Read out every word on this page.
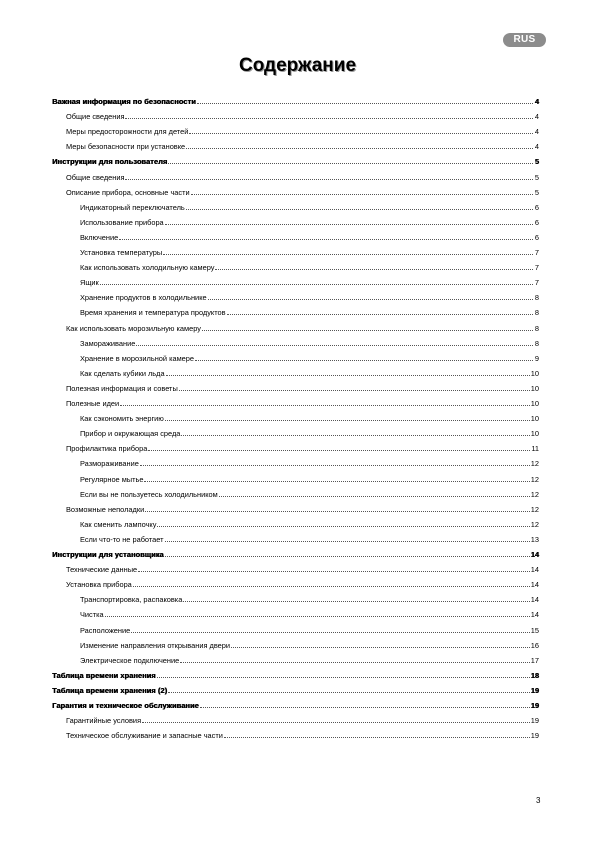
RUS
Содержание
Важная информация по безопасности	4
Общие сведения	4
Меры предосторожности для детей	4
Меры безопасности при установке	4
Инструкции для пользователя	5
Общие сведения	5
Описание прибора, основные части	5
Индикаторный переключатель	6
Использование прибора	6
Включение	6
Установка температуры	7
Как использовать холодильную камеру	7
Ящик	7
Хранение продуктов в холодильнике	8
Время хранения и температура продуктов	8
Как использовать морозильную камеру	8
Замораживание	8
Хранение в морозильной камере	9
Как сделать кубики льда	10
Полезная информация и советы	10
Полезные идеи	10
Как сэкономить энергию	10
Прибор и окружающая среда	10
Профилактика прибора	11
Размораживание	12
Регулярное мытье	12
Если вы не пользуетесь холодильником	12
Возможные неполадки	12
Как сменить лампочку	12
Если что-то не работает	13
Инструкции для установщика	14
Технические данные	14
Установка прибора	14
Транспортировка, распаковка	14
Чистка	14
Расположение	15
Изменение направления открывания двери	16
Электрическое подключение	17
Таблица времени хранения	18
Таблица времени хранения (2)	19
Гарантия и техническое обслуживание	19
Гарантийные условия	19
Техническое обслуживание и запасные части	19
3
